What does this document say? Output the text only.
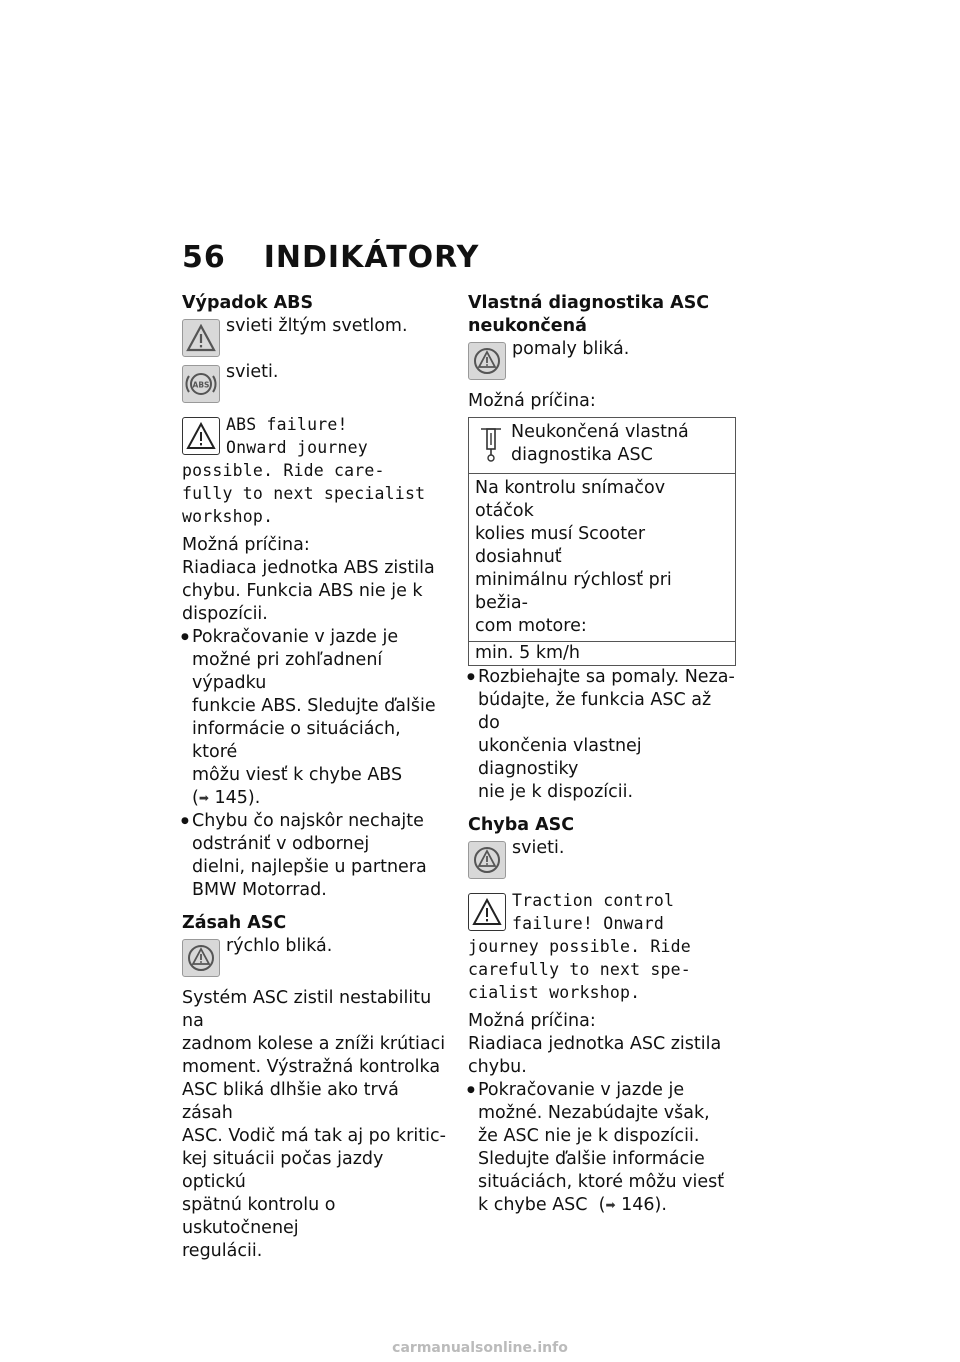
56 INDIKÁTORY

Výpadok ABS

svieti žltým svetlom.

ABS

svieti.

ABS failure!

Onward journey

possible. Ride care-

fully to next specialist

workshop.

Možná príčina:

Riadiaca jednotka ABS zistila

chybu. Funkcia ABS nie je k

dispozícii.

● Pokračovanie v jazde je
možné pri zohľadnení výpadku
funkcie ABS. Sledujte ďalšie
informácie o situáciách, ktoré
môžu viesť k chybe ABS
(➡ 145).
● Chybu čo najskôr nechajte
odstrániť v odbornej
dielni, najlepšie u partnera
BMW Motorrad.

Zásah ASC

rýchlo bliká.

Systém ASC zistil nestabilitu na

zadnom kolese a zníži krútiaci

moment. Výstražná kontrolka

ASC bliká dlhšie ako trvá zásah

ASC. Vodič má tak aj po kritic-

kej situácii počas jazdy optickú

spätnú kontrolu o uskutočnenej

regulácii.

Vlastná diagnostika ASC

neukončená

pomaly bliká.

Možná príčina:

Neukončená vlastná
diagnostika ASC
Na kontrolu snímačov otáčok
kolies musí Scooter dosiahnuť
minimálnu rýchlosť pri bežia-
com motore:
min. 5 km/h
● Rozbiehajte sa pomaly. Neza-
búdajte, že funkcia ASC až do
ukončenia vlastnej diagnostiky
nie je k dispozícii.

Chyba ASC

svieti.

Traction control

failure! Onward

journey possible. Ride

carefully to next spe-

cialist workshop.

Možná príčina:

Riadiaca jednotka ASC zistila

chybu.

● Pokračovanie v jazde je
možné. Nezabúdajte však,
že ASC nie je k dispozícii.
Sledujte ďalšie informácie
situáciách, ktoré môžu viesť
k chybe ASC  (➡ 146).
carmanualsonline.info
